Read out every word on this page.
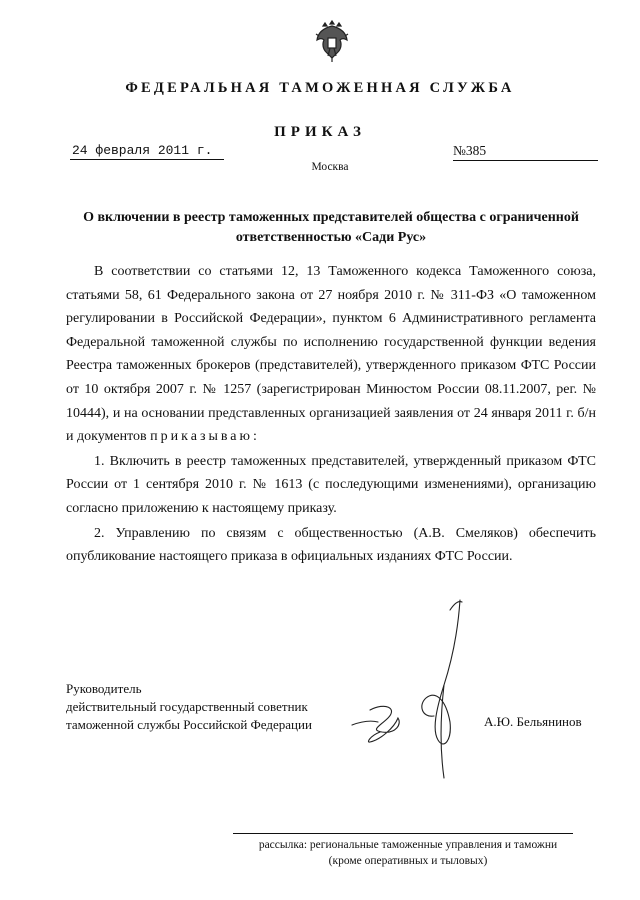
ФЕДЕРАЛЬНАЯ ТАМОЖЕННАЯ СЛУЖБА
ПРИКАЗ
24 февраля 2011 г.	№385
Москва
О включении в реестр таможенных представителей общества с ограниченной
ответственностью «Сади Рус»

В соответствии со статьями 12, 13 Таможенного кодекса Таможенного союза, статьями 58, 61 Федерального закона от 27 ноября 2010 г. № 311-ФЗ «О таможенном регулировании в Российской Федерации», пунктом 6 Административного регламента Федеральной таможенной службы по исполнению государственной функции ведения Реестра таможенных брокеров (представителей), утвержденного приказом ФТС России от 10 октября 2007 г. № 1257 (зарегистрирован Минюстом России 08.11.2007, рег. № 10444), и на основании представленных организацией заявления от 24 января 2011 г. б/н и документов приказываю:

1. Включить в реестр таможенных представителей, утвержденный приказом ФТС России от 1 сентября 2010 г. № 1613 (с последующими изменениями), организацию согласно приложению к настоящему приказу.

2. Управлению по связям с общественностью (А.В. Смеляков) обеспечить опубликование настоящего приказа в официальных изданиях ФТС России.

Руководитель
действительный государственный советник
таможенной службы Российской Федерации	А.Ю. Бельянинов
рассылка: региональные таможенные управления и таможни
(кроме оперативных и тыловых)
